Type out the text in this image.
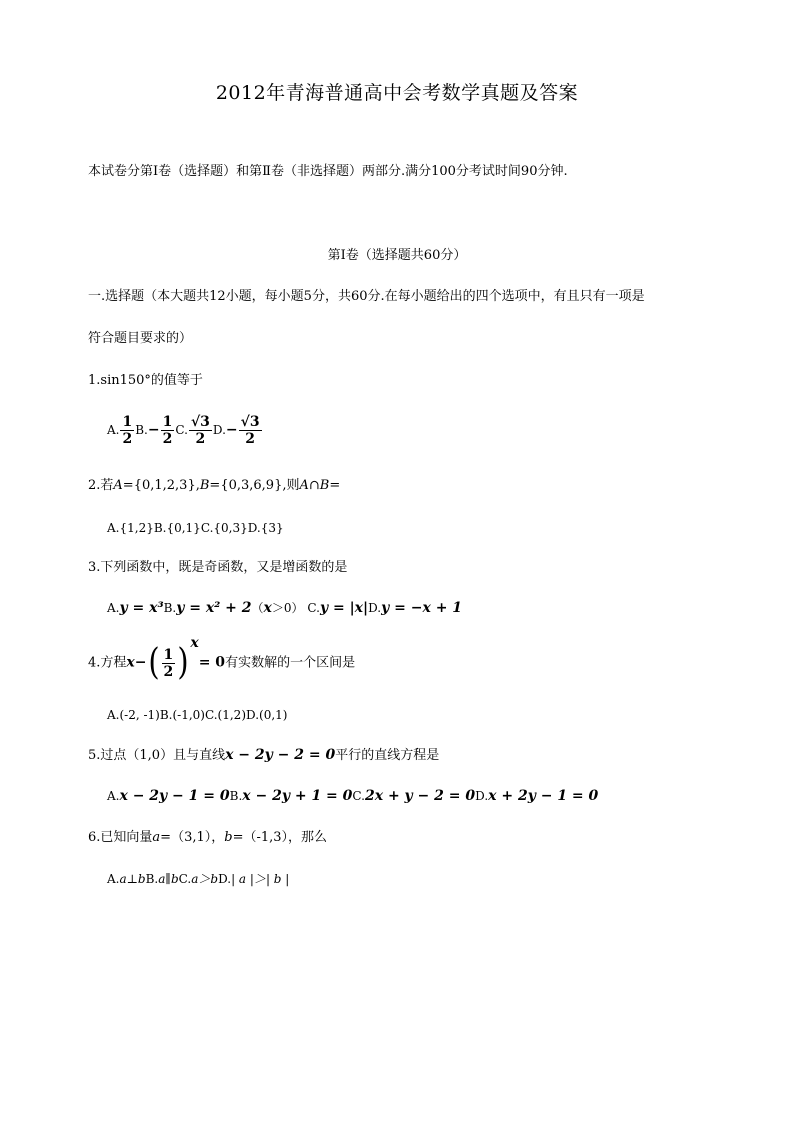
2012年青海普通高中会考数学真题及答案
本试卷分第Ⅰ卷（选择题）和第Ⅱ卷（非选择题）两部分.满分100分考试时间90分钟.
第Ⅰ卷（选择题共60分）
一.选择题（本大题共12小题，每小题5分，共60分.在每小题给出的四个选项中，有且只有一项是
符合题目要求的）
1.sin150°的值等于
A. $\frac{1}{2} B.- \frac{1}{2} C$. $\frac{√3}{2} D.- \frac{√3}{2}$
2.若A={0,1,2,3},B={0,3,6,9},则A∩B=
A.{1,2}B.{0,1}C.{0,3}D.{3}
3.下列函数中，既是奇函数，又是增函数的是
A.y = x³B.y = x² + 2（x＞0） C.y = |x|D.y = −x + 1
4.方程x− ( $\frac{1}{2}$ ) $^x$= 0有实数解的一个区间是
A.(-2, -1)B.(-1,0)C.(1,2)D.(0,1)
5.过点（1,0）且与直线x − 2y − 2 = 0平行的直线方程是
A.x − 2y − 1 = 0B.x − 2y + 1 = 0C.2x + y − 2 = 0D.x + 2y − 1 = 0
6.已知向量a=（3,1），b=（-1,3），那么
A.a⊥bB.a∥bC.a＞bD.| a |＞| b |
